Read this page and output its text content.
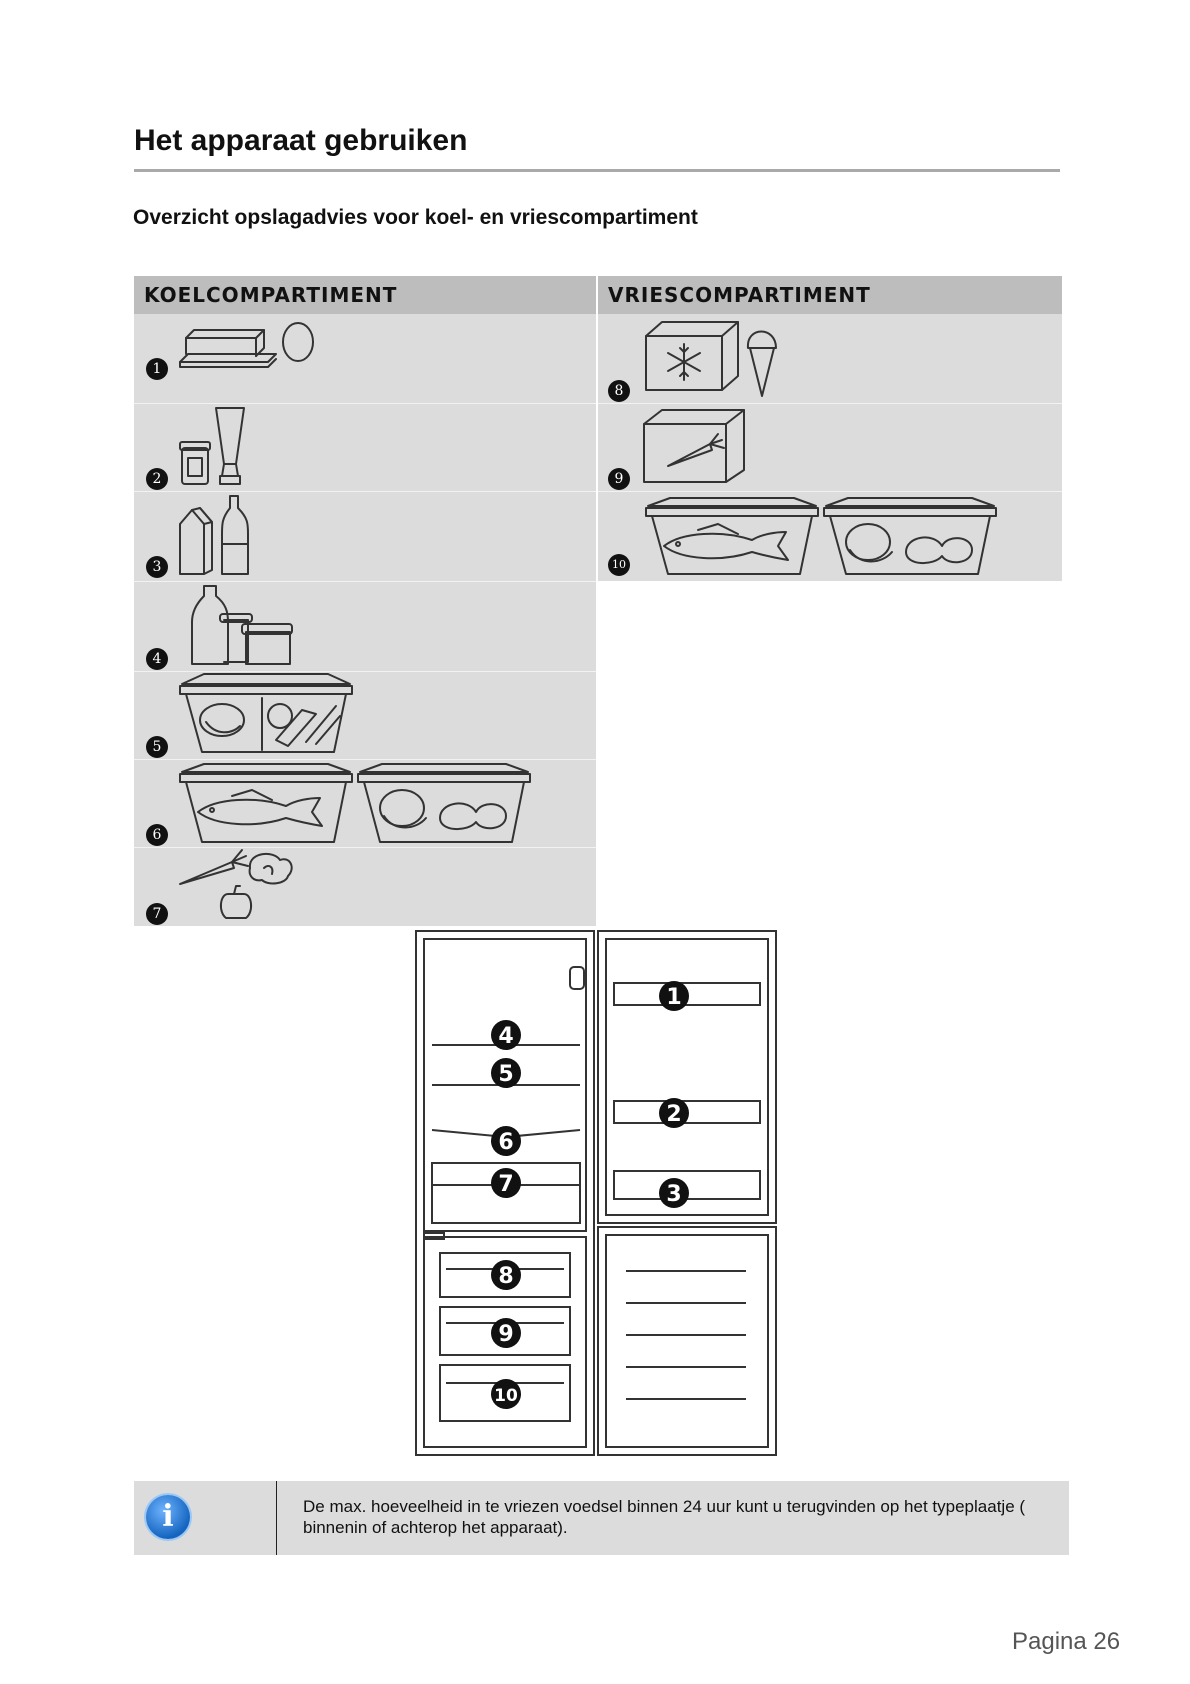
Het apparaat gebruiken
Overzicht opslagadvies voor koel- en vriescompartiment
KOELCOMPARTIMENT	VRIESCOMPARTIMENT
1
2
3
4
5
6
7
8
9
10
1
2
3
4
5
6
7
8
9
10
i	De max. hoeveelheid in te vriezen voedsel binnen 24 uur kunt u terugvinden op het typeplaatje ( binnenin of achterop het apparaat).
Pagina 26
